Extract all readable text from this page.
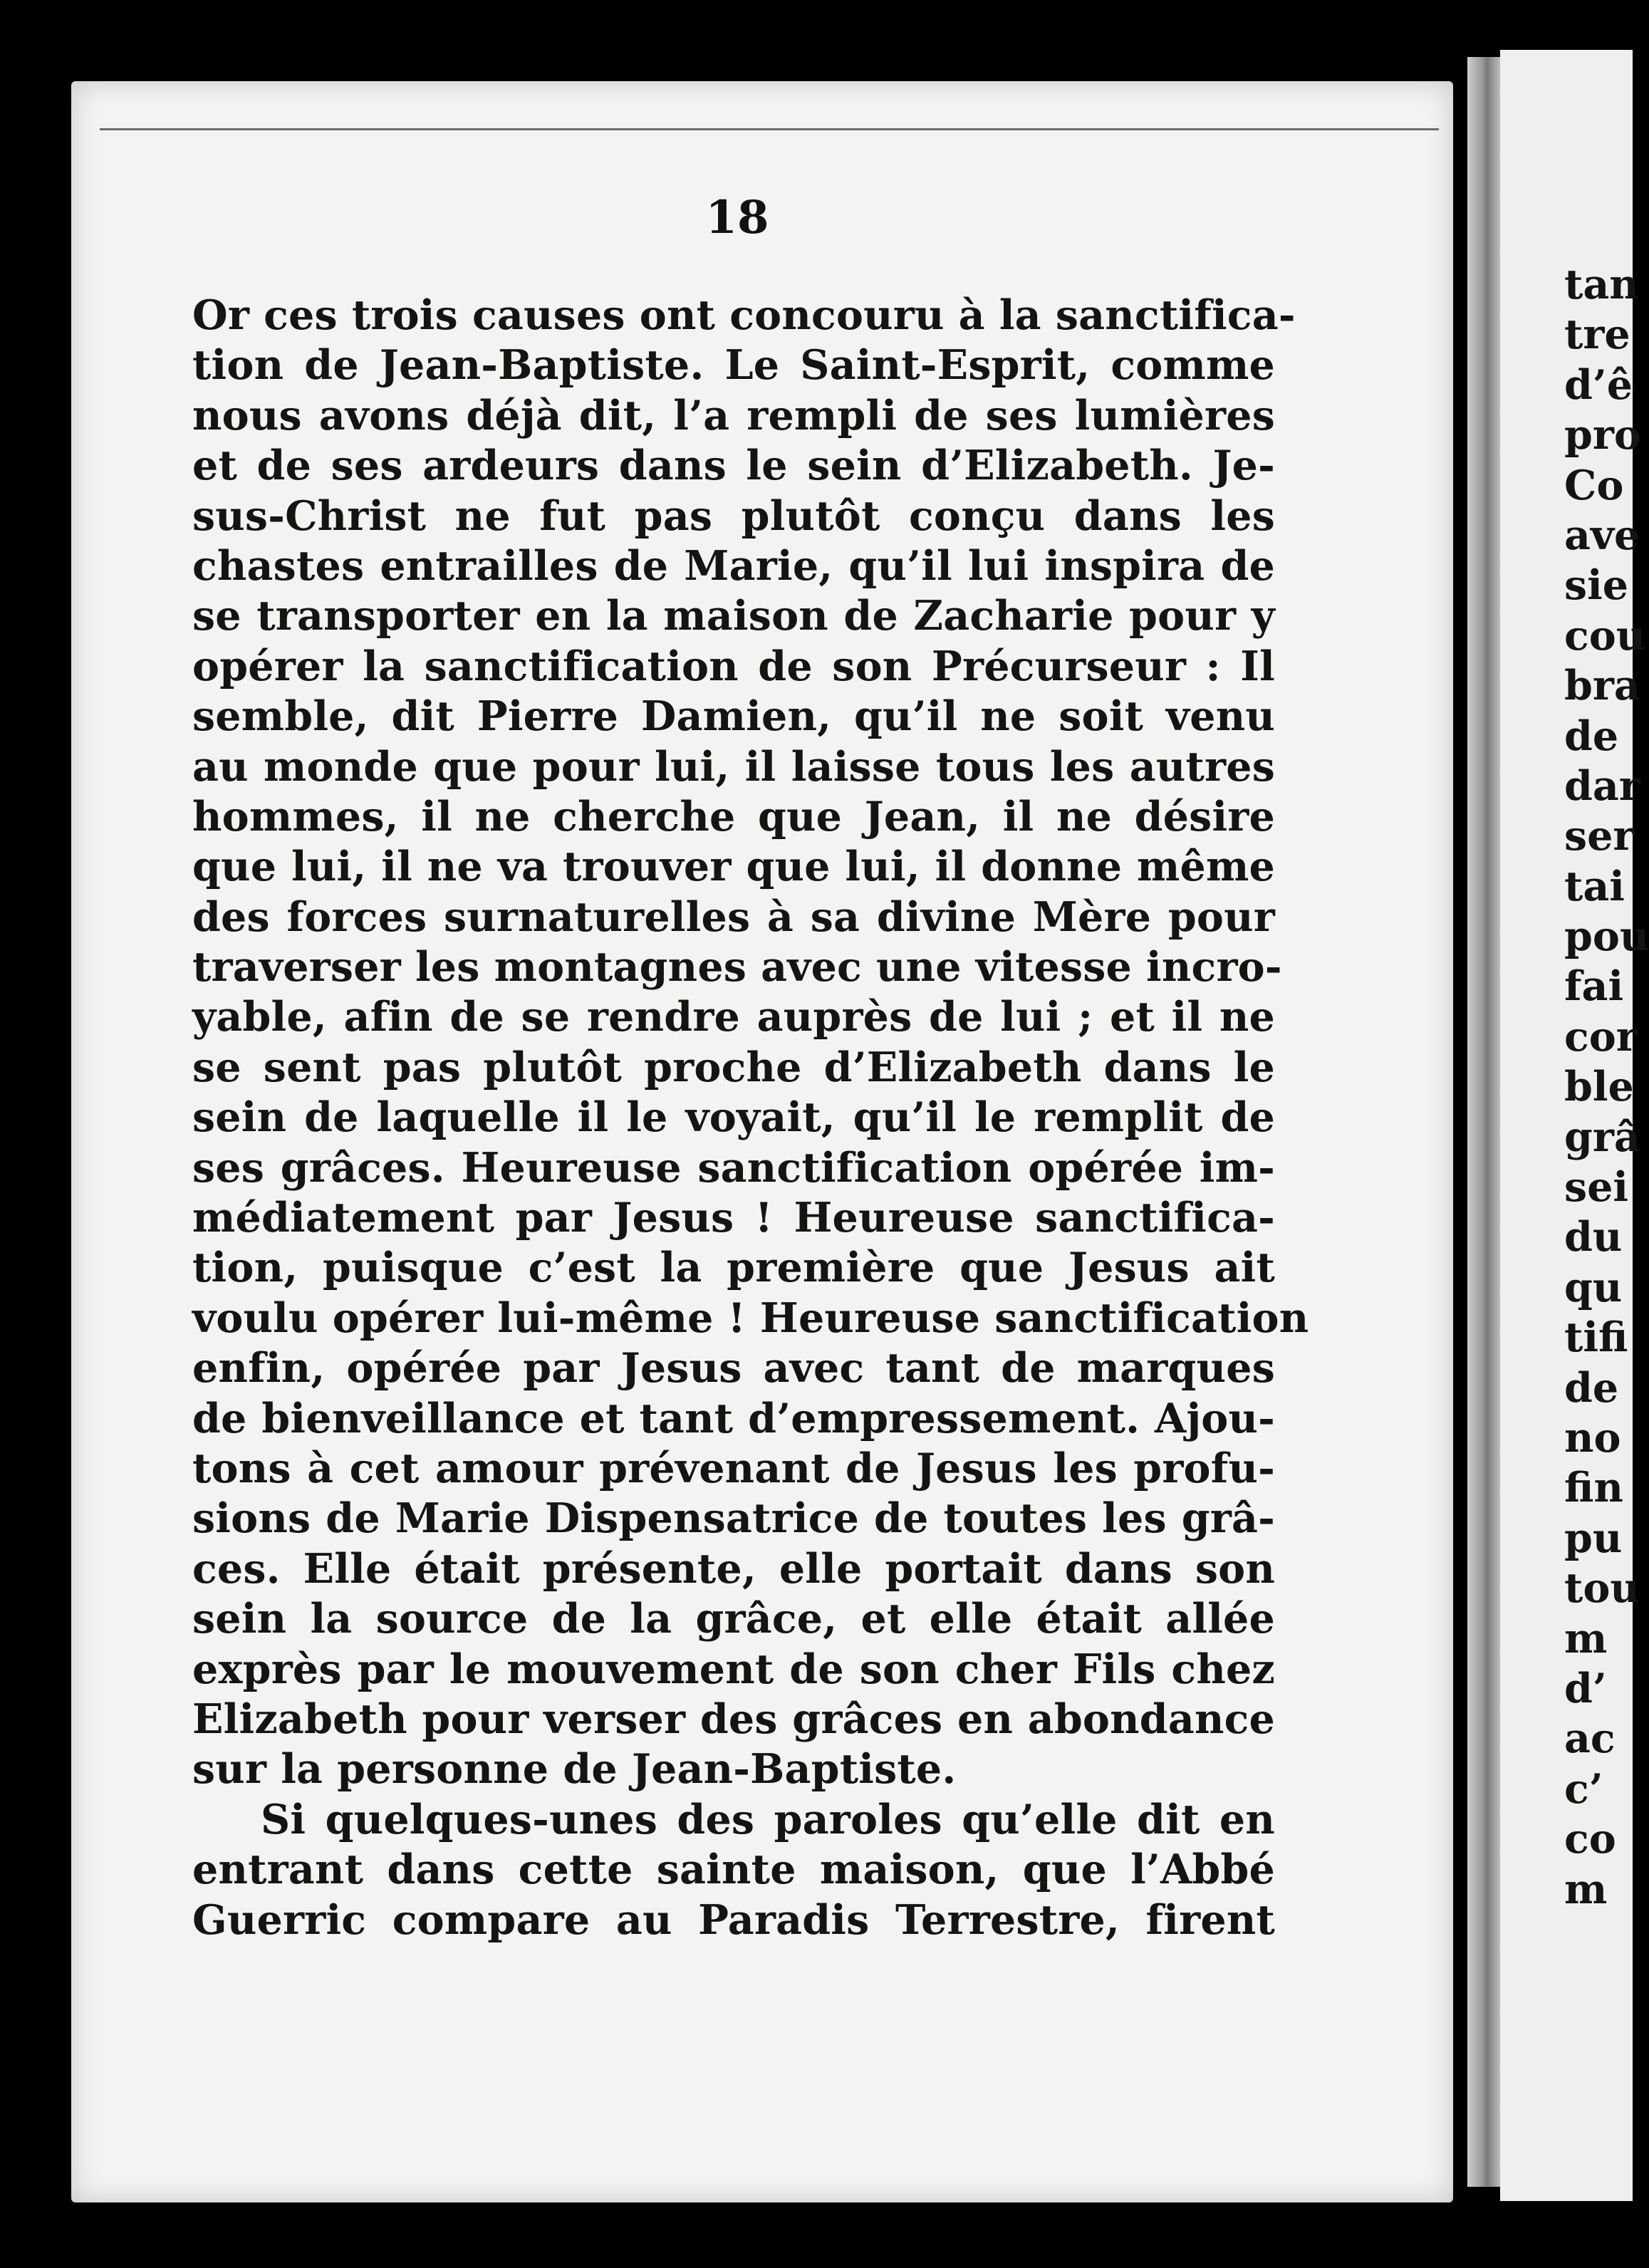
18
Or ces trois causes ont concouru à la sanctifica-
tion de Jean-Baptiste. Le Saint-Esprit, comme
nous avons déjà dit, l’a rempli de ses lumières
et de ses ardeurs dans le sein d’Elizabeth. Je-
sus-Christ ne fut pas plutôt conçu dans les
chastes entrailles de Marie, qu’il lui inspira de
se transporter en la maison de Zacharie pour y
opérer la sanctification de son Précurseur : Il
semble, dit Pierre Damien, qu’il ne soit venu
au monde que pour lui, il laisse tous les autres
hommes, il ne cherche que Jean, il ne désire
que lui, il ne va trouver que lui, il donne même
des forces surnaturelles à sa divine Mère pour
traverser les montagnes avec une vitesse incro-
yable, afin de se rendre auprès de lui ; et il ne
se sent pas plutôt proche d’Elizabeth dans le
sein de laquelle il le voyait, qu’il le remplit de
ses grâces. Heureuse sanctification opérée im-
médiatement par Jesus ! Heureuse sanctifica-
tion, puisque c’est la première que Jesus ait
voulu opérer lui-même ! Heureuse sanctification
enfin, opérée par Jesus avec tant de marques
de bienveillance et tant d’empressement. Ajou-
tons à cet amour prévenant de Jesus les profu-
sions de Marie Dispensatrice de toutes les grâ-
ces. Elle était présente, elle portait dans son
sein la source de la grâce, et elle était allée
exprès par le mouvement de son cher Fils chez
Elizabeth pour verser des grâces en abondance
sur la personne de Jean-Baptiste.
Si quelques-unes des paroles qu’elle dit en
entrant dans cette sainte maison, que l’Abbé
Guerric compare au Paradis Terrestre, firent
tan
tre
d’ê
pro
Co
ave
sie
cou
bra
de
dar
ser
tai
pou
fai
cor
ble
grâ
sei
du
qu
tifi
de
no
fin
pu
tou
m
d’
ac
c’
co
m
